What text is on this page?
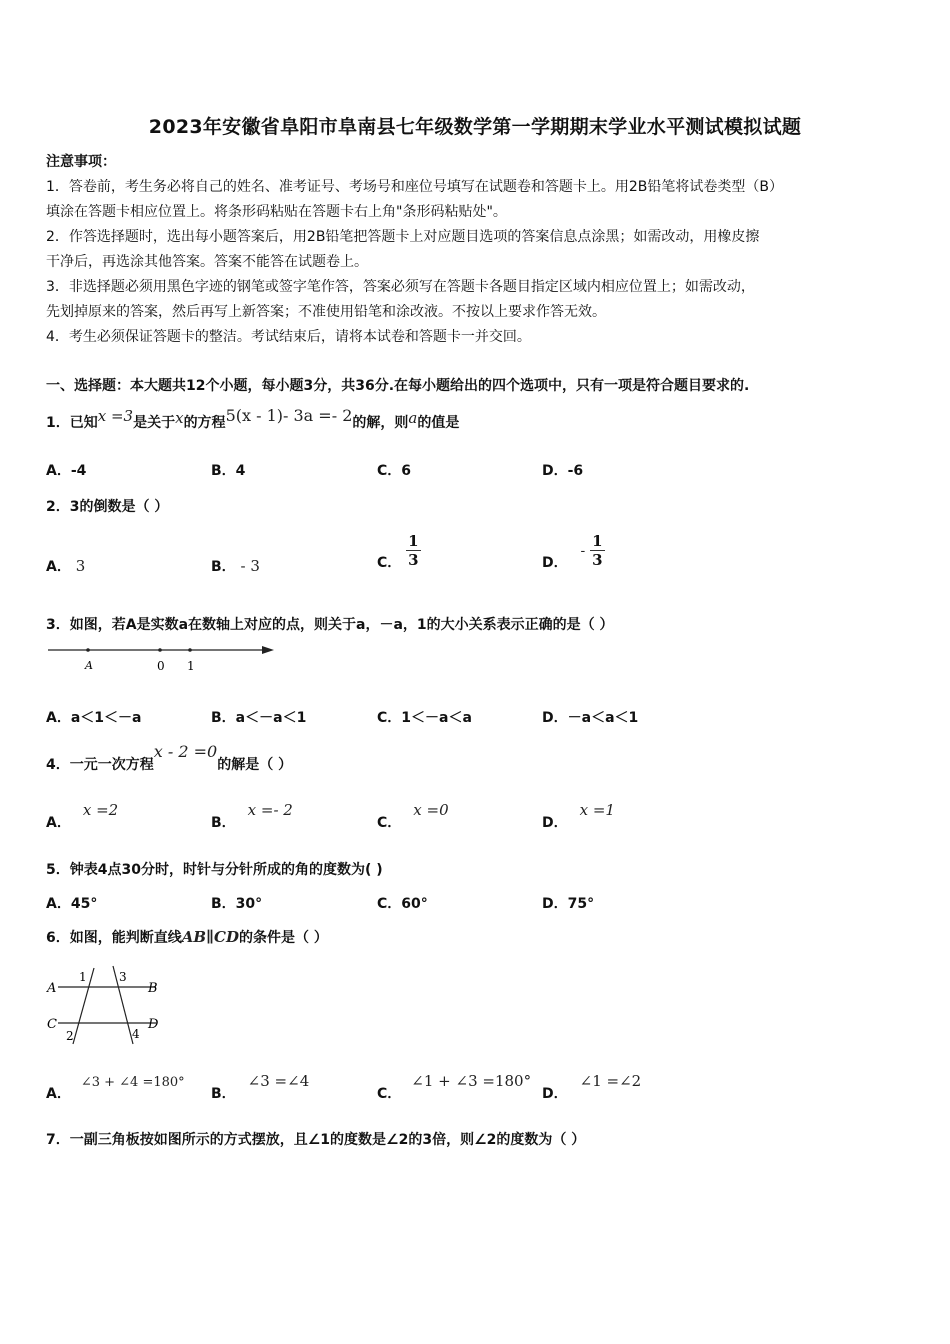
2023年安徽省阜阳市阜南县七年级数学第一学期期末学业水平测试模拟试题
注意事项：
1．答卷前，考生务必将自己的姓名、准考证号、考场号和座位号填写在试题卷和答题卡上。用2B铅笔将试卷类型（B）
填涂在答题卡相应位置上。将条形码粘贴在答题卡右上角"条形码粘贴处"。
2．作答选择题时，选出每小题答案后，用2B铅笔把答题卡上对应题目选项的答案信息点涂黑；如需改动，用橡皮擦
干净后，再选涂其他答案。答案不能答在试题卷上。
3．非选择题必须用黑色字迹的钢笔或签字笔作答，答案必须写在答题卡各题目指定区域内相应位置上；如需改动，
先划掉原来的答案，然后再写上新答案；不准使用铅笔和涂改液。不按以上要求作答无效。
4．考生必须保证答题卡的整洁。考试结束后，请将本试卷和答题卡一并交回。
一、选择题：本大题共12个小题，每小题3分，共36分.在每小题给出的四个选项中，只有一项是符合题目要求的.
1．已知x =3是关于x的方程5(x - 1)- 3a =- 2的解，则a的值是
A．-4	B．4	C．6	D．-6
2．3的倒数是（ ）
A． 3	B． - 3	C． $\frac{1}{3}$	D． - $\frac{1}{3}$
3．如图，若A是实数a在数轴上对应的点，则关于a，－a，1的大小关系表示正确的是（ ）
A	0 1
A．a＜1＜－a	B．a＜－a＜1	C．1＜－a＜a	D．－a＜a＜1
4．一元一次方程x - 2 =0的解是（ ）
A．x =2
B．x =- 2
C．x =0
D．x =1
5．钟表4点30分时，时针与分针所成的角的度数为( )
A．45°	B．30°	C．60°	D．75°
6．如图，能判断直线AB∥CD的条件是（ ）
A	B
C	D
1
2
3
4
A．∠3 + ∠4 =180°
B．∠3 =∠4
C．∠1 + ∠3 =180°
D．∠1 =∠2
7．一副三角板按如图所示的方式摆放，且∠1的度数是∠2的3倍，则∠2的度数为（ ）
